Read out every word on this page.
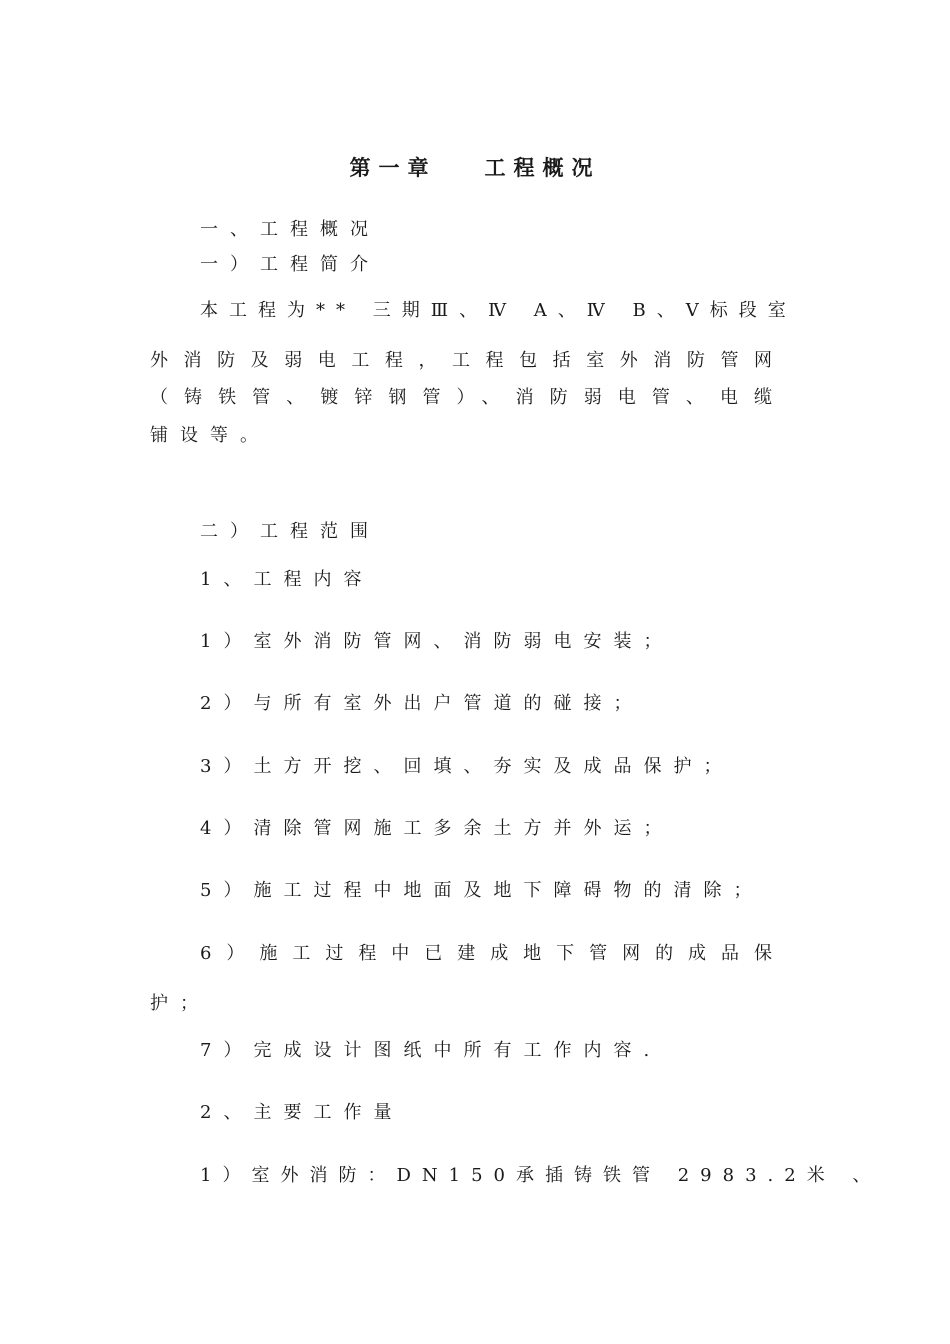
第一章 工程概况
一、工程概况
一）工程简介
本工程为** 三期Ⅲ、Ⅳ A、Ⅳ B、Ⅴ标段室
外消防及弱电工程，工程包括室外消防管网
（铸铁管、镀锌钢管）、消防弱电管、电缆
铺设等。
二）工程范围
1、工程内容
1）室外消防管网、消防弱电安装；
2）与所有室外出户管道的碰接；
3）土方开挖、回填、夯实及成品保护；
4）清除管网施工多余土方并外运；
5）施工过程中地面及地下障碍物的清除；
6）施工过程中已建成地下管网的成品保
护；
7）完成设计图纸中所有工作内容.
2、主要工作量
1）室外消防：DN150承插铸铁管 2983.2米 、
